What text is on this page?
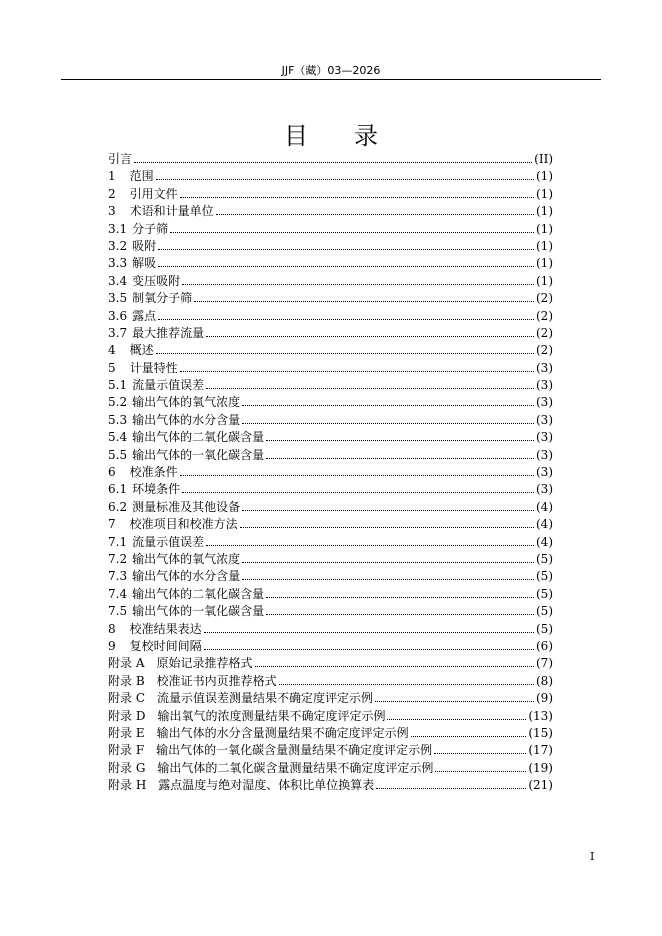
JJF（藏）03—2026
目录
引言	(II)
1 范围	(1)
2 引用文件	(1)
3 术语和计量单位	(1)
3.1 分子筛	(1)
3.2 吸附	(1)
3.3 解吸	(1)
3.4 变压吸附	(1)
3.5 制氧分子筛	(2)
3.6 露点	(2)
3.7 最大推荐流量	(2)
4 概述	(2)
5 计量特性	(3)
5.1 流量示值误差	(3)
5.2 输出气体的氧气浓度	(3)
5.3 输出气体的水分含量	(3)
5.4 输出气体的二氧化碳含量	(3)
5.5 输出气体的一氧化碳含量	(3)
6 校准条件	(3)
6.1 环境条件	(3)
6.2 测量标准及其他设备	(4)
7 校准项目和校准方法	(4)
7.1 流量示值误差	(4)
7.2 输出气体的氧气浓度	(5)
7.3 输出气体的水分含量	(5)
7.4 输出气体的二氧化碳含量	(5)
7.5 输出气体的一氧化碳含量	(5)
8 校准结果表达	(5)
9 复校时间间隔	(6)
附录 A 原始记录推荐格式	(7)
附录 B 校准证书内页推荐格式	(8)
附录 C 流量示值误差测量结果不确定度评定示例	(9)
附录 D 输出氧气的浓度测量结果不确定度评定示例	(13)
附录 E 输出气体的水分含量测量结果不确定度评定示例	(15)
附录 F 输出气体的一氧化碳含量测量结果不确定度评定示例	(17)
附录 G 输出气体的二氧化碳含量测量结果不确定度评定示例	(19)
附录 H 露点温度与绝对湿度、体积比单位换算表	(21)
I
